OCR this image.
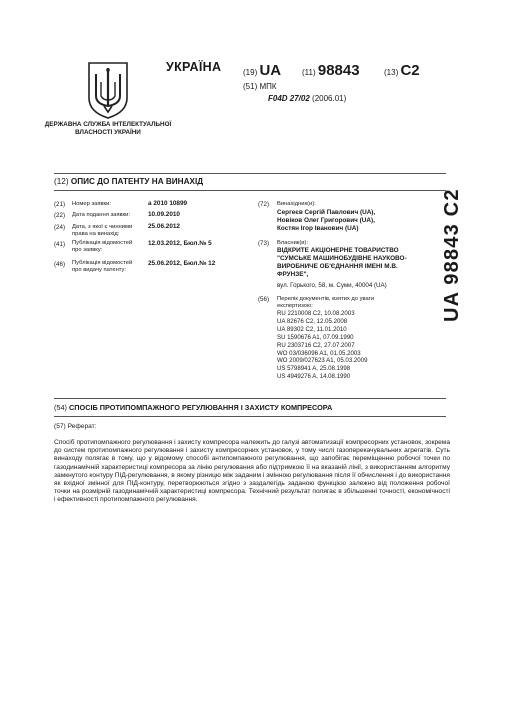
ДЕРЖАВНА СЛУЖБА ІНТЕЛЕКТУАЛЬНОЇ ВЛАСНОСТІ УКРАЇНИ
УКРАЇНА	(19) UA	(11) 98843	(13) C2
(51) МПК
F04D 27/02 (2006.01)
(12) ОПИС ДО ПАТЕНТУ НА ВИНАХІД
(21) Номер заявки:	a 2010 10899
(22) Дата подання заявки:	10.09.2010
(24) Дата, з якої є чинними
права на винахід:
25.06.2012
(41) Публікація відомостей
про заявку:
12.03.2012, Бюл.№ 5
(46) Публікація відомостей
про видачу патенту:
25.06.2012, Бюл.№ 12
(72) Винахідник(и):
Сергеєв Сергій Павлович (UA),
Новіков Олег Григорович (UA),
Костян Ігор Іванович (UA)
(73) Власник(и):
ВІДКРИТЕ АКЦІОНЕРНЕ ТОВАРИСТВО
"СУМСЬКЕ МАШИНОБУДІВНЕ НАУКОВО-
ВИРОБНИЧЕ ОБ'ЄДНАННЯ ІМЕНІ М.В.
ФРУНЗЕ",
вул. Горького, 58, м. Суми, 40004 (UA)
(56) Перелік документів, взятих до уваги
експертизою:
RU 2210008 C2, 10.08.2003
UA 82676 C2, 12.05.2008
UA 89302 C2, 11.01.2010
SU 1590676 A1, 07.09.1990
RU 2303716 C2, 27.07.2007
WO 03/036096 A1, 01.05.2003
WO 2009/027623 A1, 05.03.2009
US 5798941 A, 25.08.1998
US 4949276 A, 14.08.1990
(54) СПОСІБ ПРОТИПОМПАЖНОГО РЕГУЛЮВАННЯ І ЗАХИСТУ КОМПРЕСОРА
(57) Реферат:
Спосіб протипомпажного регулювання і захисту компресора належить до галузі автоматизації компресорних установок, зокрема до систем протипомпажного регулювання і захисту компресорних установок, у тому числі газоперекачувальних агрегатів. Суть винаходу полягає в тому, що у відомому способі антипомпажного регулювання, що запобігає переміщенню робочої точки по газодинамічній характеристиці компресора за лінію регулювання або підтримкою її на вказаній лінії, з використанням алгоритму замкнутого контуру ПІД-регулювання, в якому різницю між заданим і змінною регулювання після її обчислення і до використання як вхідної змінної для ПІД-контуру, перетворюються згідно з заздалегідь заданою функцією залежно від положення робочої точки на розмірній газодинамічній характеристиці компресора. Технічний результат полягає в збільшенні точності, економічності і ефективності протипомпажного регулювання.
UA 98843 C2
